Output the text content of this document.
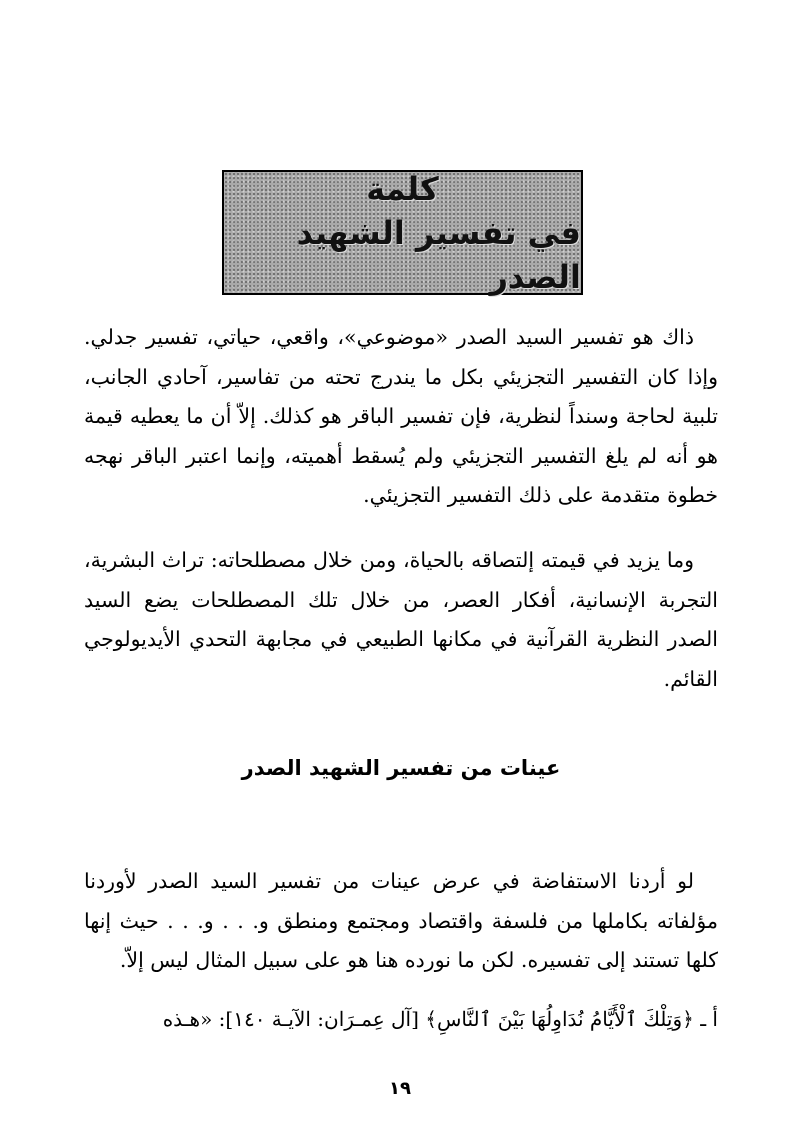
كلمة
في تفسير الشهيد الصدر

ذاك هو تفسير السيد الصدر «موضوعي»، واقعي، حياتي، تفسير جدلي. وإذا كان التفسير التجزيئي بكل ما يندرج تحته من تفاسير، آحادي الجانب، تلبية لحاجة وسنداً لنظرية، فإن تفسير الباقر هو كذلك. إلاّ أن ما يعطيه قيمة هو أنه لم يلغ التفسير التجزيئي ولم يُسقط أهميته، وإنما اعتبر الباقر نهجه خطوة متقدمة على ذلك التفسير التجزيئي.

وما يزيد في قيمته إلتصاقه بالحياة، ومن خلال مصطلحاته: تراث البشرية، التجربة الإنسانية، أفكار العصر، من خلال تلك المصطلحات يضع السيد الصدر النظرية القرآنية في مكانها الطبيعي في مجابهة التحدي الأيديولوجي القائم.

عينات من تفسير الشهيد الصدر

لو أردنا الاستفاضة في عرض عينات من تفسير السيد الصدر لأوردنا مؤلفاته بكاملها من فلسفة واقتصاد ومجتمع ومنطق و. . . و. . . حيث إنها كلها تستند إلى تفسيره. لكن ما نورده هنا هو على سبيل المثال ليس إلاّ.

أ ـ ﴿وَتِلْكَ ٱلْأَيَّامُ نُدَاوِلُهَا بَيْنَ ٱلنَّاسِ﴾ [آل عِمـرَان: الآيـة ١٤٠]: «هـذه

١٩
